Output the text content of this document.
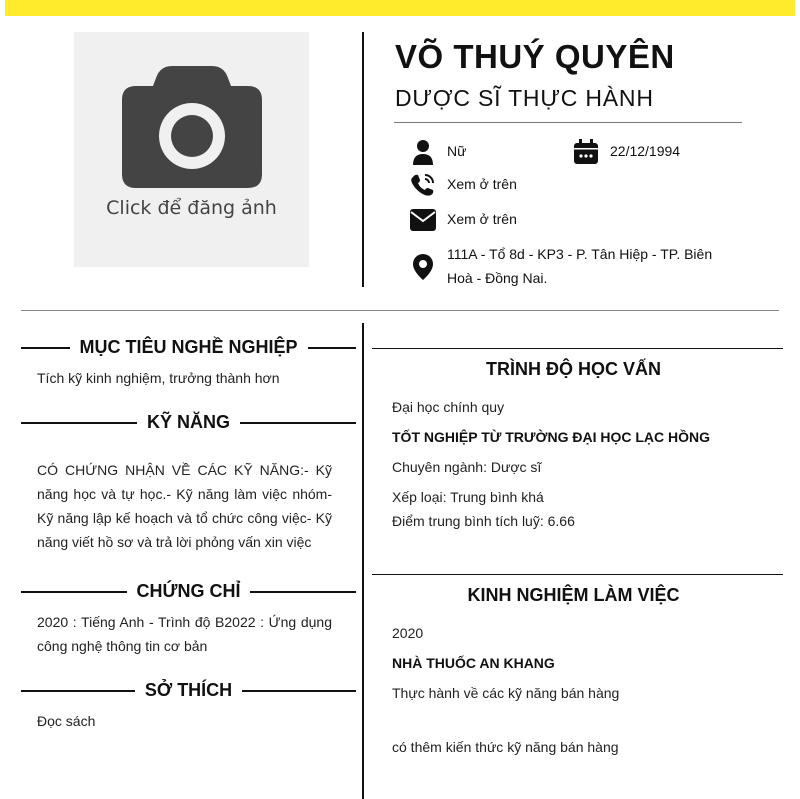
Click để đăng ảnh
VÕ THUÝ QUYÊN
DƯỢC SĨ THỰC HÀNH
Nữ	22/12/1994
Xem ở trên
Xem ở trên
111A - Tổ 8d - KP3 - P. Tân Hiệp - TP. Biên
Hoà - Đồng Nai.
MỤC TIÊU NGHỀ NGHIỆP
Tích kỹ kinh nghiệm, trưởng thành hơn
KỸ NĂNG
CÓ CHỨNG NHẬN VỀ CÁC KỸ NĂNG:- Kỹ năng học và tự học.- Kỹ năng làm việc nhóm- Kỹ năng lập kế hoạch và tổ chức công việc- Kỹ năng viết hồ sơ và trả lời phỏng vấn xin việc
CHỨNG CHỈ
2020 : Tiếng Anh - Trình độ B2022 : Ứng dụng công nghệ thông tin cơ bản
SỞ THÍCH
Đọc sách
TRÌNH ĐỘ HỌC VẤN
Đại học chính quy
TỐT NGHIỆP TỪ TRƯỜNG ĐẠI HỌC LẠC HỒNG
Chuyên ngành: Dược sĩ
Xếp loại: Trung bình khá
Điểm trung bình tích luỹ: 6.66
KINH NGHIỆM LÀM VIỆC
2020
NHÀ THUỐC AN KHANG
Thực hành về các kỹ năng bán hàng
có thêm kiến thức kỹ năng bán hàng
